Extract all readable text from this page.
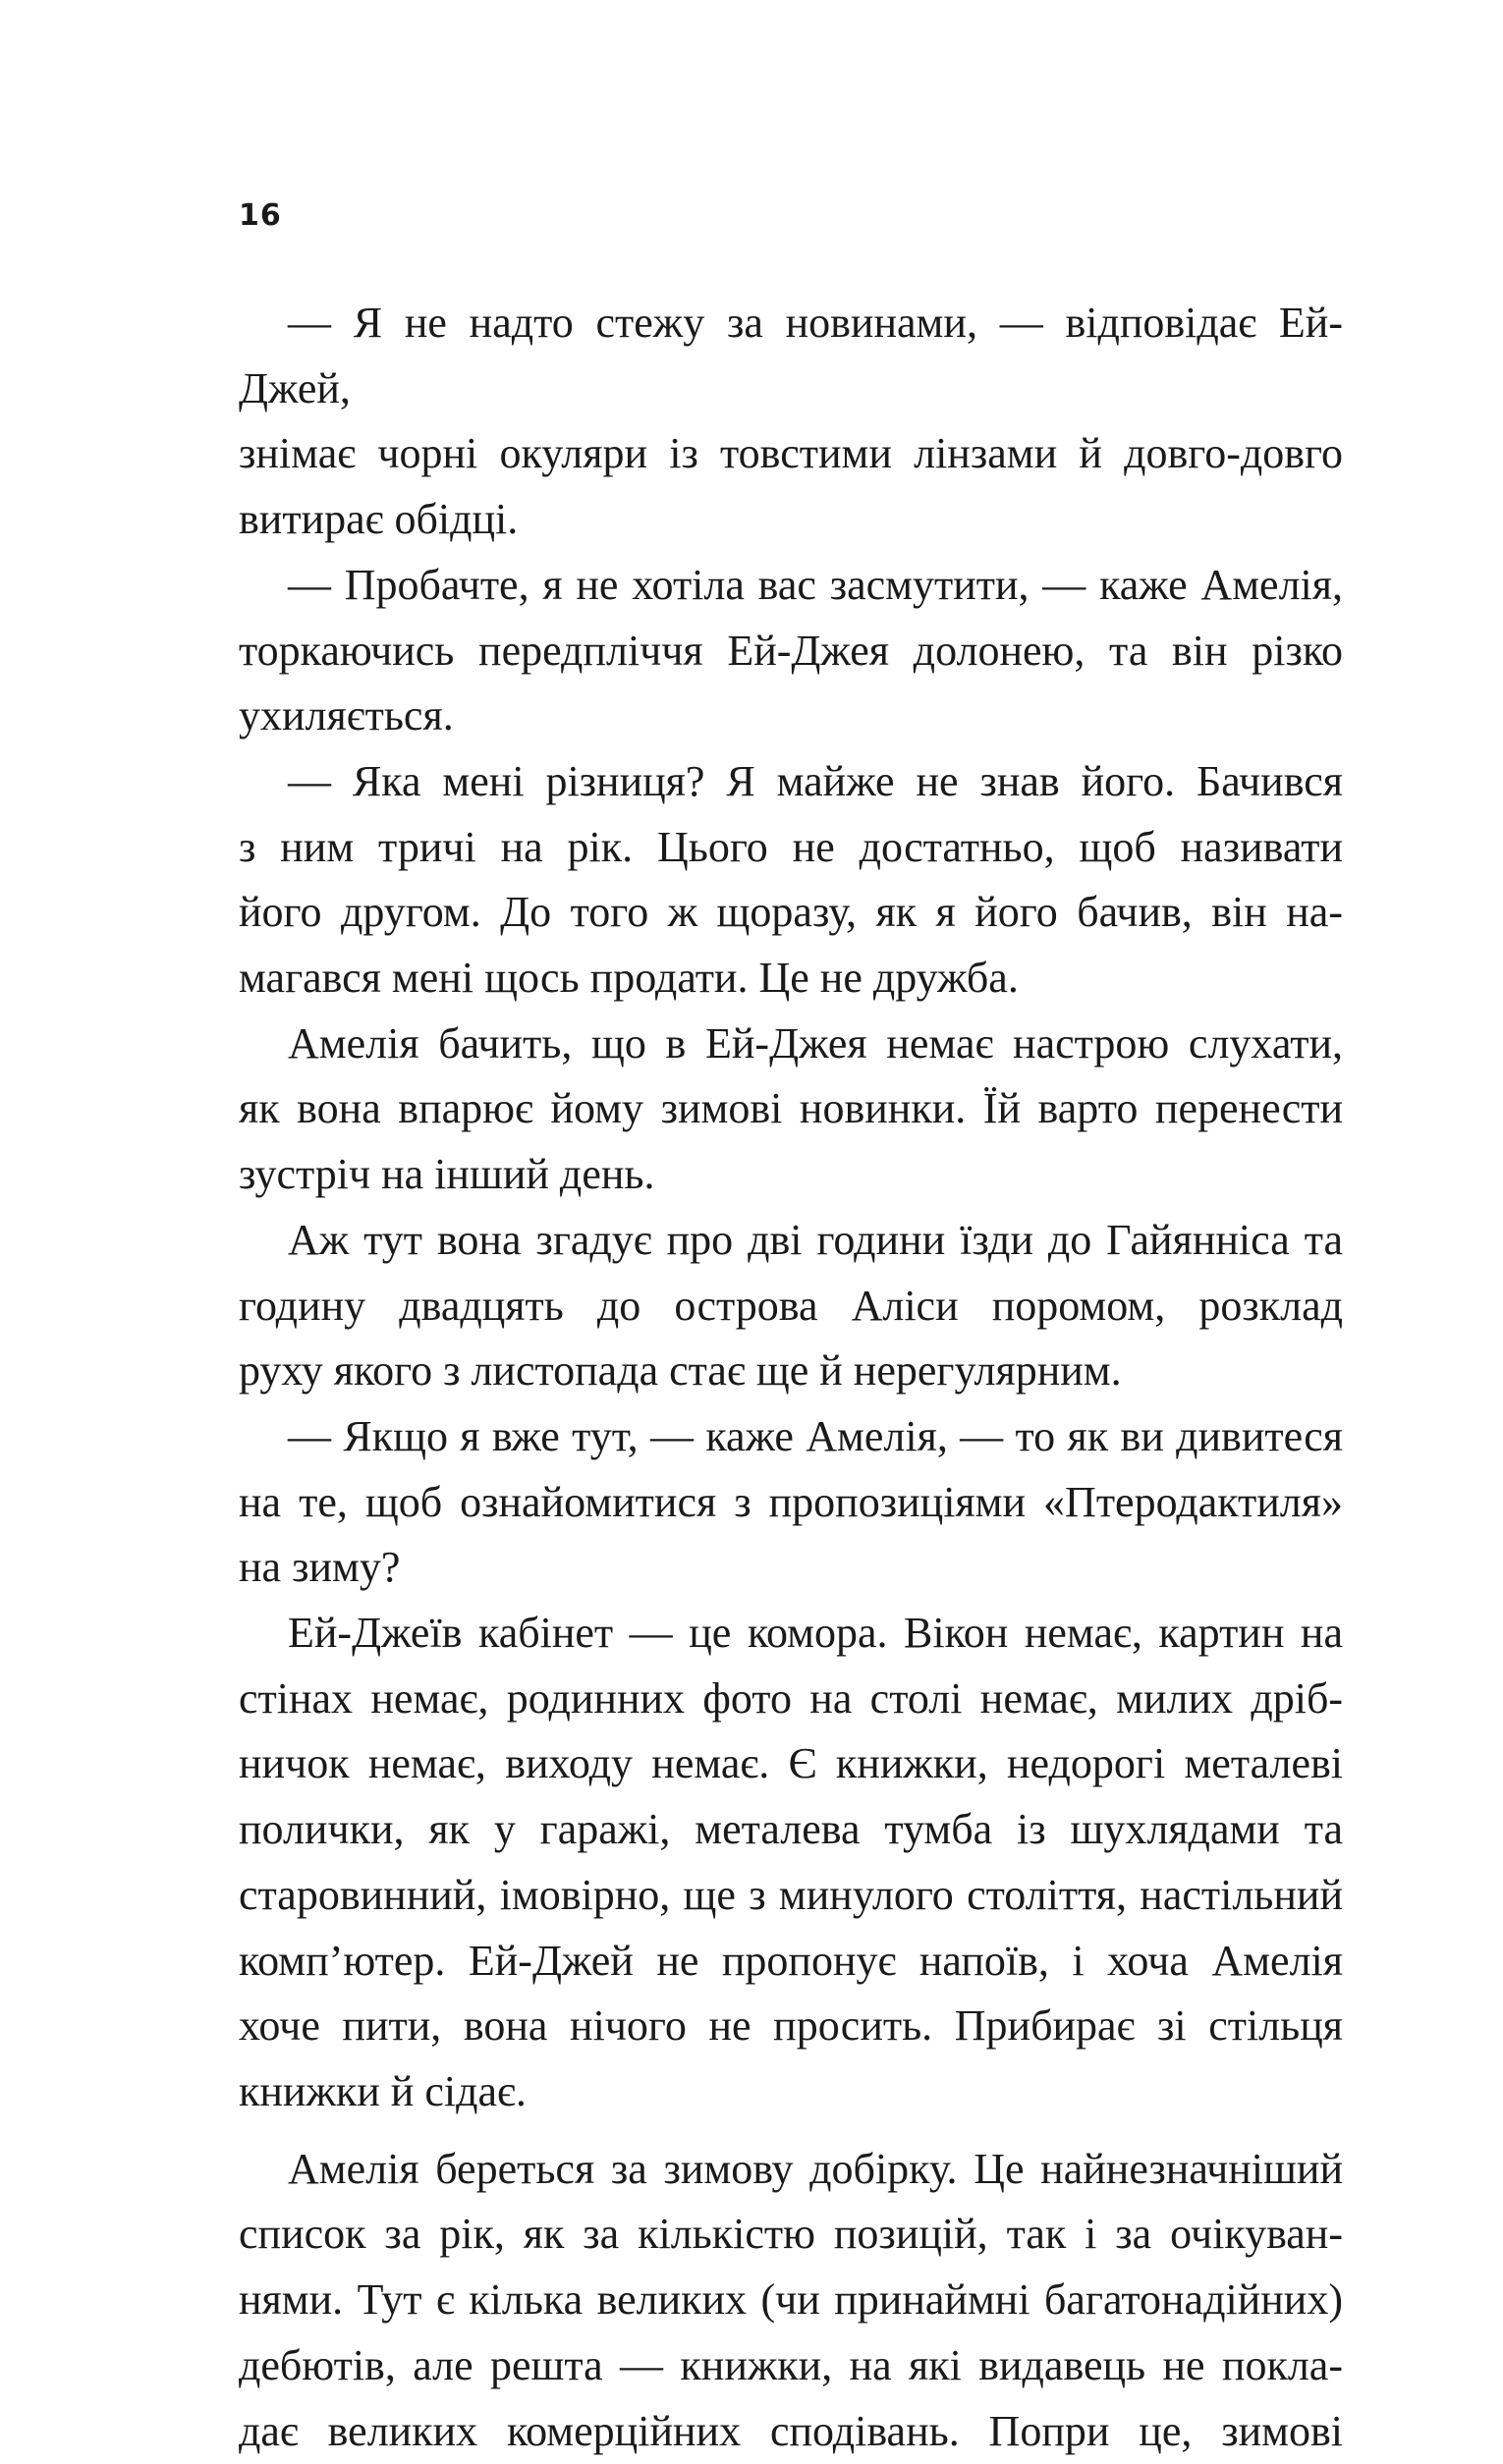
16

— Я не надто стежу за новинами, — відповідає Ей-Джей,

знімає чорні окуляри із товстими лінзами й довго-довго

витирає обідці.

— Пробачте, я не хотіла вас засмутити, — каже Амелія,

торкаючись передпліччя Ей-Джея долонею, та він різко

ухиляється.

— Яка мені різниця? Я майже не знав його. Бачився

з ним тричі на рік. Цього не достатньо, щоб називати

його другом. До того ж щоразу, як я його бачив, він на-

магався мені щось продати. Це не дружба.

Амелія бачить, що в Ей-Джея немає настрою слухати,

як вона впарює йому зимові новинки. Їй варто перенести

зустріч на інший день.

Аж тут вона згадує про дві години їзди до Гайяннiса та

годину двадцять до острова Аліси поромом, розклад

руху якого з листопада стає ще й нерегулярним.

— Якщо я вже тут, — каже Амелія, — то як ви дивитеся

на те, щоб ознайомитися з пропозиціями «Птеродактиля»

на зиму?

Ей-Джеїв кабінет — це комора. Вікон немає, картин на

стінах немає, родинних фото на столі немає, милих дріб-

ничок немає, виходу немає. Є книжки, недорогі металеві

полички, як у гаражі, металева тумба із шухлядами та

старовинний, імовірно, ще з минулого століття, настільний

комп’ютер. Ей-Джей не пропонує напоїв, і хоча Амелія

хоче пити, вона нічого не просить. Прибирає зі стільця

книжки й сідає.

Амелія береться за зимову добірку. Це найнезначніший

список за рік, як за кількістю позицій, так і за очікуван-

нями. Тут є кілька великих (чи принаймні багатонадійних)

дебютів, але решта — книжки, на які видавець не покла-

дає великих комерційних сподівань. Попри це, зимові
